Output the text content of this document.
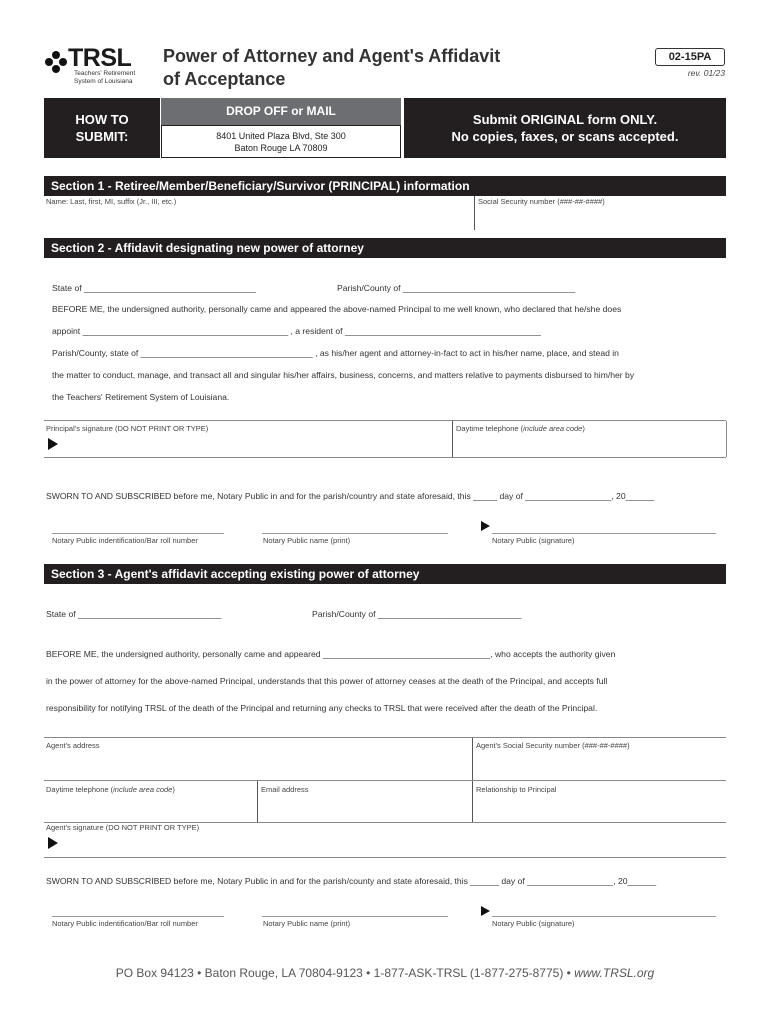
TRSL
Teachers' Retirement
System of Louisiana
Power of Attorney and Agent's Affidavit
of Acceptance
02-15PA
rev. 01/23
HOW TO
SUBMIT:
DROP OFF or MAIL
8401 United Plaza Blvd, Ste 300
Baton Rouge LA 70809
Submit ORIGINAL form ONLY.
No copies, faxes, or scans accepted.
Section 1 - Retiree/Member/Beneficiary/Survivor (PRINCIPAL) information
Name: Last, first, MI, suffix (Jr., III, etc.)	Social Security number (###-##-####)
Section 2 - Affidavit designating new power of attorney
State of ____________________________________	Parish/County of ____________________________________
BEFORE ME, the undersigned authority, personally came and appeared the above-named Principal to me well known, who declared that he/she does
appoint ___________________________________________ , a resident of _________________________________________
Parish/County, state of ____________________________________ , as his/her agent and attorney-in-fact to act in his/her name, place, and stead in
the matter to conduct, manage, and transact all and singular his/her affairs, business, concerns, and matters relative to payments disbursed to him/her by
the Teachers' Retirement System of Louisiana.
Principal's signature (DO NOT PRINT OR TYPE)	Daytime telephone (include area code)
SWORN TO AND SUBSCRIBED before me, Notary Public in and for the parish/country and state aforesaid, this _____ day of __________________, 20______
Notary Public indentification/Bar roll number	Notary Public name (print)	Notary Public (signature)
Section 3 - Agent's affidavit accepting existing power of attorney
State of ______________________________	Parish/County of ______________________________
BEFORE ME, the undersigned authority, personally came and appeared ___________________________________, who accepts the authority given
in the power of attorney for the above-named Principal, understands that this power of attorney ceases at the death of the Principal, and accepts full
responsibility for notifying TRSL of the death of the Principal and returning any checks to TRSL that were received after the death of the Principal.
Agent's address	Agent's Social Security number (###-##-####)
Daytime telephone (include area code)	Email address	Relationship to Principal
Agent's signature (DO NOT PRINT OR TYPE)
SWORN TO AND SUBSCRIBED before me, Notary Public in and for the parish/county and state aforesaid, this ______ day of __________________, 20______
Notary Public indentification/Bar roll number	Notary Public name (print)	Notary Public (signature)
PO Box 94123 • Baton Rouge, LA 70804-9123 • 1-877-ASK-TRSL (1-877-275-8775) • www.TRSL.org
